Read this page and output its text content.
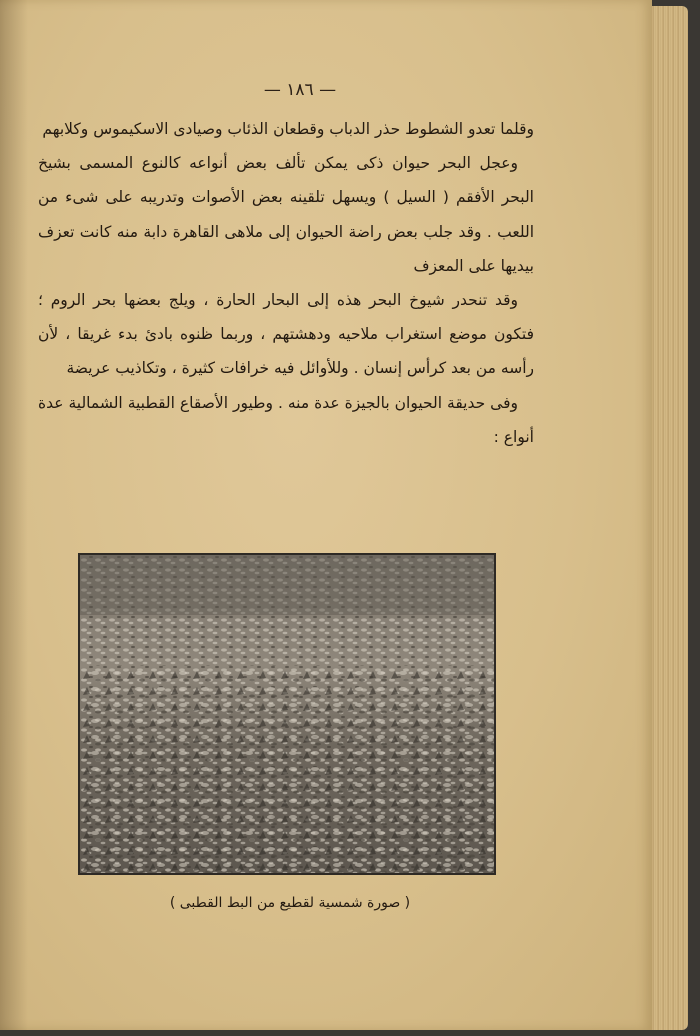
— ١٨٦ —

وقلما تعدو الشطوط حذر الدباب وقطعان الذئاب وصيادى الاسكيموس وكلابهم

وعجل البحر حيوان ذكى يمكن تألف بعض أنواعه كالنوع المسمى بشيخ البحر الأفقم ( السيل ) ويسهل تلقينه بعض الأصوات وتدريبه على شىء من اللعب . وقد جلب بعض راضة الحيوان إلى ملاهى القاهرة دابة منه كانت تعزف بيديها على المعزف

وقد تنحدر شيوخ البحر هذه إلى البحار الحارة ، ويلج بعضها بحر الروم ؛ فتكون موضع استغراب ملاحيه ودهشتهم ، وربما ظنوه بادئ بدء غريقا ، لأن رأسه من بعد كرأس إنسان . وللأوائل فيه خرافات كثيرة ، وتكاذيب عريضة

وفى حديقة الحيوان بالجيزة عدة منه . وطيور الأصقاع القطبية الشمالية عدة أنواع :

( صورة شمسية لقطيع من البط القطبى )
